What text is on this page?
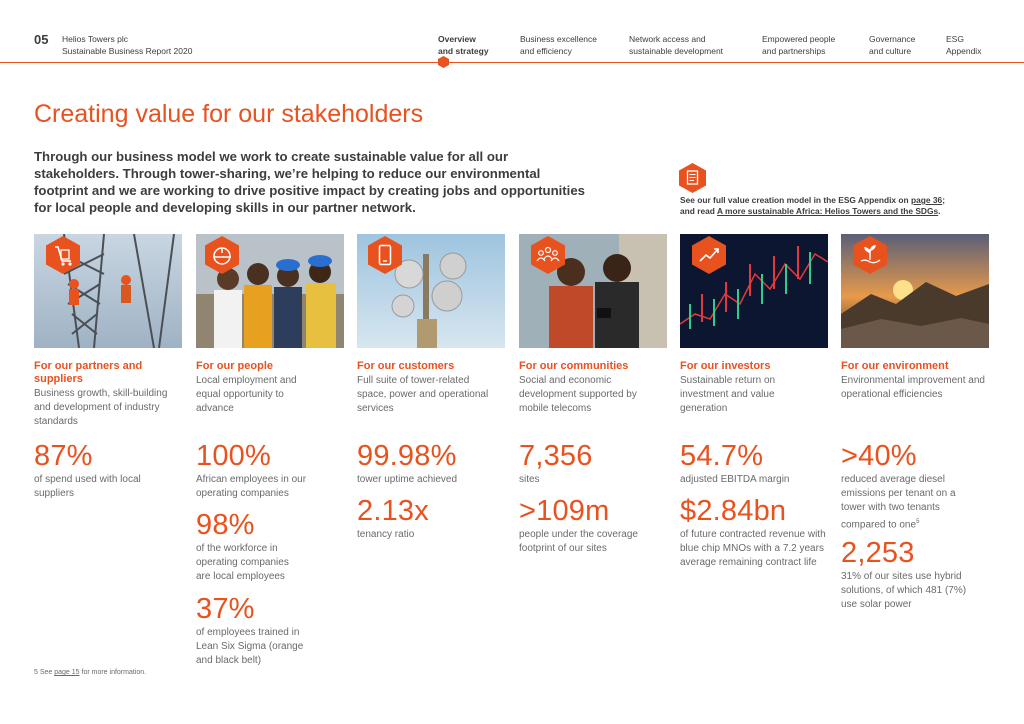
05 Helios Towers plc
Sustainable Business Report 2020
Overview
and strategy
Business excellence
and efficiency
Network access and
sustainable development
Empowered people
and partnerships
Governance
and culture
ESG
Appendix
Creating value for our stakeholders

Through our business model we work to create sustainable value for all our stakeholders. Through tower-sharing, we’re helping to reduce our environmental footprint and we are working to drive positive impact by creating jobs and opportunities for local people and developing skills in our partner network.	See our full value creation model in the ESG Appendix on page 36;
and read A more sustainable Africa: Helios Towers and the SDGs.
For our partners and suppliers
Business growth, skill-building and development of industry standards
87%
of spend used with local suppliers
For our people
Local employment and equal opportunity to advance
100%
African employees in our operating companies
98%
of the workforce in operating companies are local employees
37%
of employees trained in Lean Six Sigma (orange and black belt)
For our customers
Full suite of tower-related space, power and operational services
99.98%
tower uptime achieved
2.13x
tenancy ratio
For our communities
Social and economic development supported by mobile telecoms
7,356
sites
>109m
people under the coverage footprint of our sites
For our investors
Sustainable return on investment and value generation
54.7%
adjusted EBITDA margin
$2.84bn
of future contracted revenue with blue chip MNOs with a 7.2 years average remaining contract life
For our environment
Environmental improvement and operational efficiencies
>40%
reduced average diesel emissions per tenant on a tower with two tenants compared to one$^5$
2,253
31% of our sites use hybrid solutions, of which 481 (7%) use solar power
5 See page 15 for more information.
